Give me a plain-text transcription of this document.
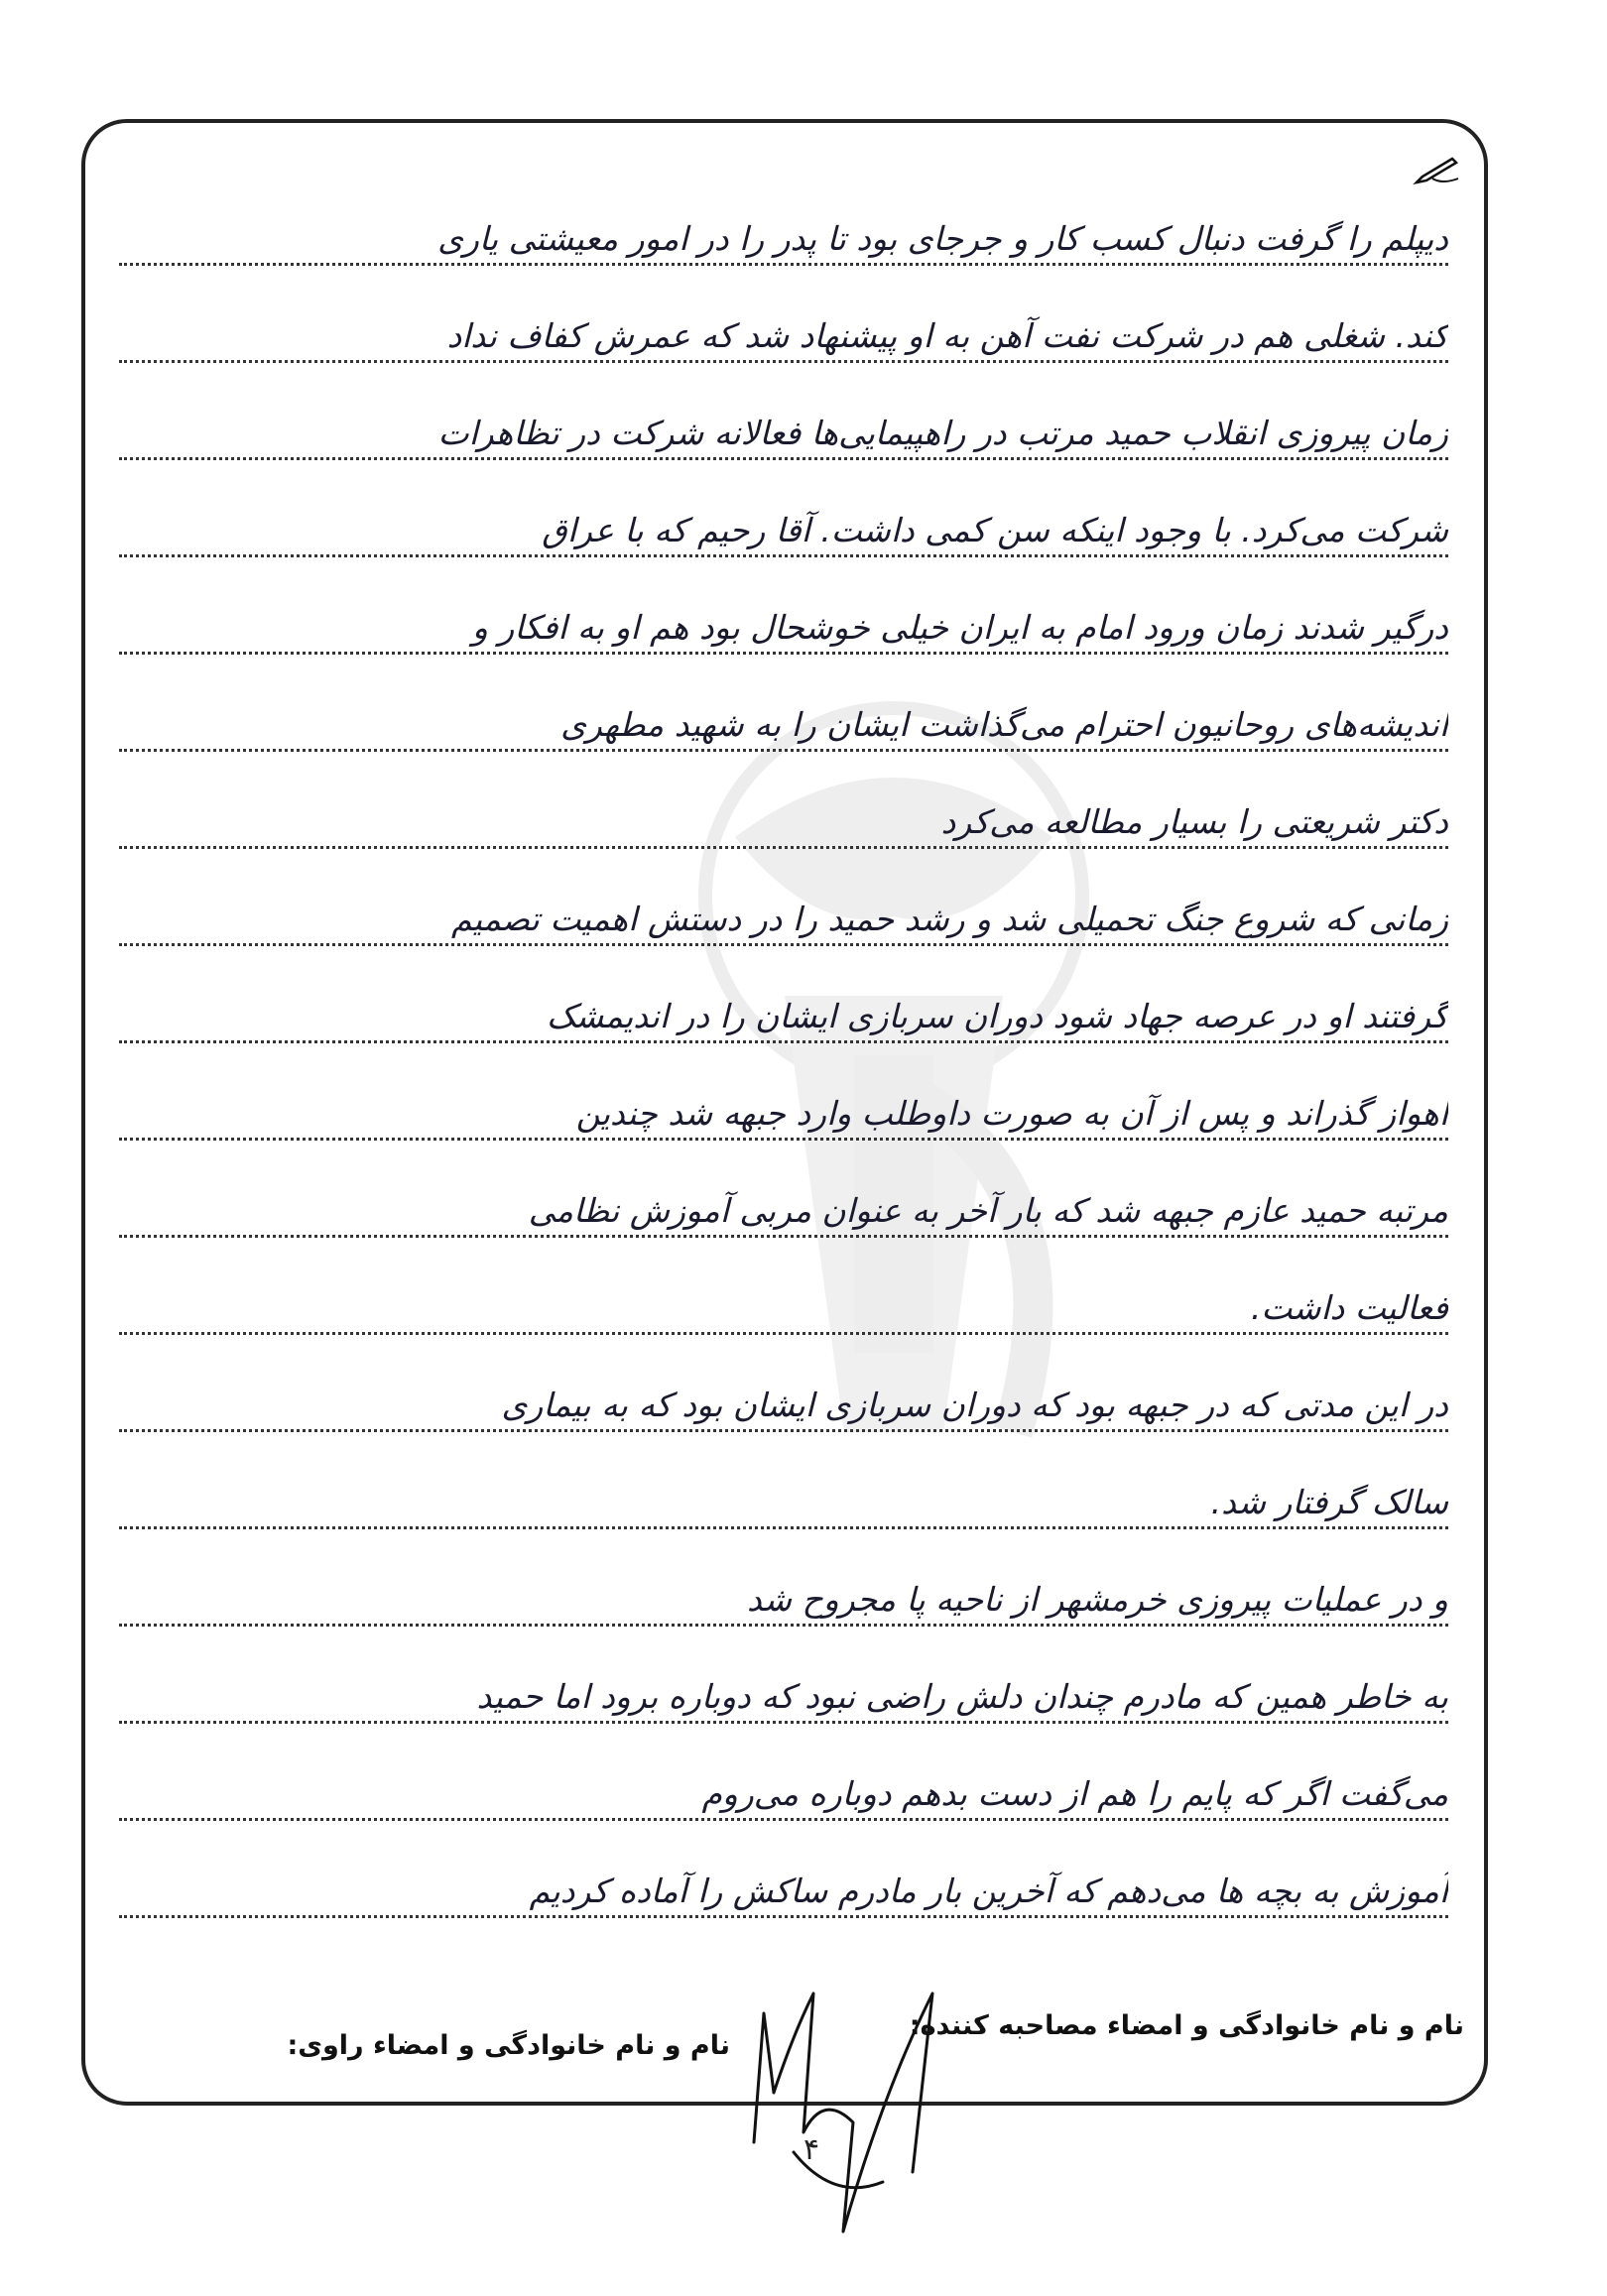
دیپلم را گرفت دنبال کسب کار و جرجای بود تا پدر را در امور معیشتی یاری
کند. شغلی هم در شرکت نفت آهن به او پیشنهاد شد که عمرش کفاف نداد
زمان پیروزی انقلاب حمید مرتب در راهپیمایی‌ها فعالانه شرکت در تظاهرات
شرکت می‌کرد. با وجود اینکه سن کمی داشت. آقا رحیم که با عراق
درگیر شدند زمان ورود امام به ایران خیلی خوشحال بود هم او به افکار و
اندیشه‌های روحانیون احترام می‌گذاشت ایشان را به شهید مطهری
دکتر شریعتی را بسیار مطالعه می‌کرد
زمانی که شروع جنگ تحمیلی شد و رشد حمید را در دستش اهمیت تصمیم
گرفتند او در عرصه جهاد شود دوران سربازی ایشان را در اندیمشک
اهواز گذراند و پس از آن به صورت داوطلب وارد جبهه شد چندین
مرتبه حمید عازم جبهه شد که بار آخر به عنوان مربی آموزش نظامی
فعالیت داشت.
در این مدتی که در جبهه بود که دوران سربازی ایشان بود که به بیماری
سالک گرفتار شد.
و در عملیات پیروزی خرمشهر از ناحیه پا مجروح شد
به خاطر همین که مادرم چندان دلش راضی نبود که دوباره برود اما حمید
می‌گفت اگر که پایم را هم از دست بدهم دوباره می‌روم
آموزش به بچه ها می‌دهم که آخرین بار مادرم ساکش را آماده کردیم
نام و نام خانوادگی و امضاء مصاحبه کننده:
نام و نام خانوادگی و امضاء راوی:
۴
